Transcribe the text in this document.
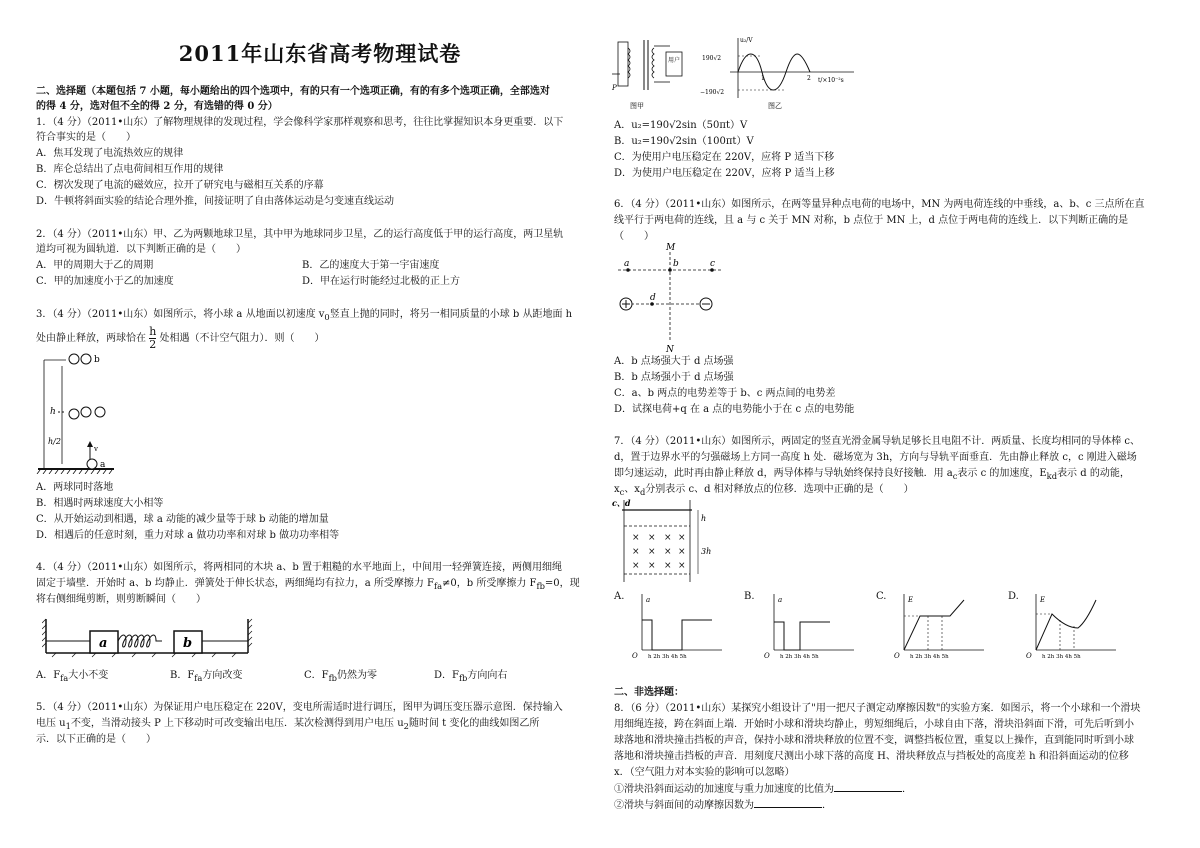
2011年山东省高考物理试卷
二、选择题（本题包括 7 小题，每小题给出的四个选项中，有的只有一个选项正确，有的有多个选项正确，全部选对
的得 4 分，选对但不全的得 2 分，有选错的得 0 分）
1．（4 分）（2011•山东）了解物理规律的发现过程，学会像科学家那样观察和思考，往往比掌握知识本身更重要．以下
符合事实的是（　　）
A．焦耳发现了电流热效应的规律
B．库仑总结出了点电荷间相互作用的规律
C．楞次发现了电流的磁效应，拉开了研究电与磁相互关系的序幕
D．牛顿将斜面实验的结论合理外推，间接证明了自由落体运动是匀变速直线运动
2．（4 分）（2011•山东）甲、乙为两颗地球卫星，其中甲为地球同步卫星，乙的运行高度低于甲的运行高度，两卫星轨
道均可视为圆轨道．以下判断正确的是（　　）
A．甲的周期大于乙的周期	B．乙的速度大于第一宇宙速度
C．甲的加速度小于乙的加速度	D．甲在运行时能经过北极的正上方
3．（4 分）（2011•山东）如图所示，将小球 a 从地面以初速度 $v_0$竖直上抛的同时，将另一相同质量的小球 b 从距地面 h
处由静止释放，两球恰在 $\frac{h}{2}$ 处相遇（不计空气阻力）．则（　　）
b
h
h/2
v
a
A．两球同时落地
B．相遇时两球速度大小相等
C．从开始运动到相遇，球 a 动能的减少量等于球 b 动能的增加量
D．相遇后的任意时刻，重力对球 a 做功功率和对球 b 做功功率相等
4．（4 分）（2011•山东）如图所示，将两相同的木块 a、b 置于粗糙的水平地面上，中间用一轻弹簧连接，两侧用细绳
固定于墙壁．开始时 a、b 均静止．弹簧处于伸长状态，两细绳均有拉力，a 所受摩擦力 $F_{fa}\ne 0$，b 所受摩擦力 $F_{fb}=0$，现
将右侧细绳剪断，则剪断瞬间（　　）
a	b
A．$F_{fa}$大小不变	B．$F_{fa}$方向改变	C．$F_{fb}$仍然为零	D．$F_{fb}$方向向右
5．（4 分）（2011•山东）为保证用户电压稳定在 220V，变电所需适时进行调压，图甲为调压变压器示意图．保持输入
电压 $u_1$不变，当滑动接头 P 上下移动时可改变输出电压．某次检测得到用户电压 $u_2$随时间 t 变化的曲线如图乙所
示．以下正确的是（　　）
用户
P
图甲
u₂/V
t/×10⁻²s
190√2
−190√2
1	2
图乙
A．u₂=190√2sin（50πt）V
B．u₂=190√2sin（100πt）V
C．为使用户电压稳定在 220V，应将 P 适当下移
D．为使用户电压稳定在 220V，应将 P 适当上移
6．（4 分）（2011•山东）如图所示，在两等量异种点电荷的电场中，MN 为两电荷连线的中垂线，a、b、c 三点所在直
线平行于两电荷的连线，且 a 与 c 关于 MN 对称，b 点位于 MN 上，d 点位于两电荷的连线上．以下判断正确的是
（　　）
M
N
a	b	c
d
A．b 点场强大于 d 点场强
B．b 点场强小于 d 点场强
C．a、b 两点的电势差等于 b、c 两点间的电势差
D．试探电荷+q 在 a 点的电势能小于在 c 点的电势能
7．（4 分）（2011•山东）如图所示，两固定的竖直光滑金属导轨足够长且电阻不计．两质量、长度均相同的导体棒 c、
d，置于边界水平的匀强磁场上方同一高度 h 处．磁场宽为 3h，方向与导轨平面垂直．先由静止释放 c，c 刚进入磁场
即匀速运动，此时再由静止释放 d，两导体棒与导轨始终保持良好接触．用 $a_c$表示 c 的加速度，$E_{kd}$表示 d 的动能，
$x_c$、$x_d$分别表示 c、d 相对释放点的位移．选项中正确的是（　　）
c、d
h
3h
× × × ×
× × × ×
× × × ×
A.	a
O h 2h 3h 4h 5h
B.	a
O h 2h 3h 4h 5h
C.	E
O h 2h 3h 4h 5h
D.	E
O h 2h 3h 4h 5h
二、非选择题：
8．（6 分）（2011•山东）某探究小组设计了"用一把尺子测定动摩擦因数"的实验方案．如图示，将一个小球和一个滑块
用细绳连接，跨在斜面上端．开始时小球和滑块均静止，剪短细绳后，小球自由下落，滑块沿斜面下滑，可先后听到小
球落地和滑块撞击挡板的声音，保持小球和滑块释放的位置不变，调整挡板位置，重复以上操作，直到能同时听到小球
落地和滑块撞击挡板的声音．用刻度尺测出小球下落的高度 H、滑块释放点与挡板处的高度差 h 和沿斜面运动的位移
x．（空气阻力对本实验的影响可以忽略）
①滑块沿斜面运动的加速度与重力加速度的比值为	．
②滑块与斜面间的动摩擦因数为	．
